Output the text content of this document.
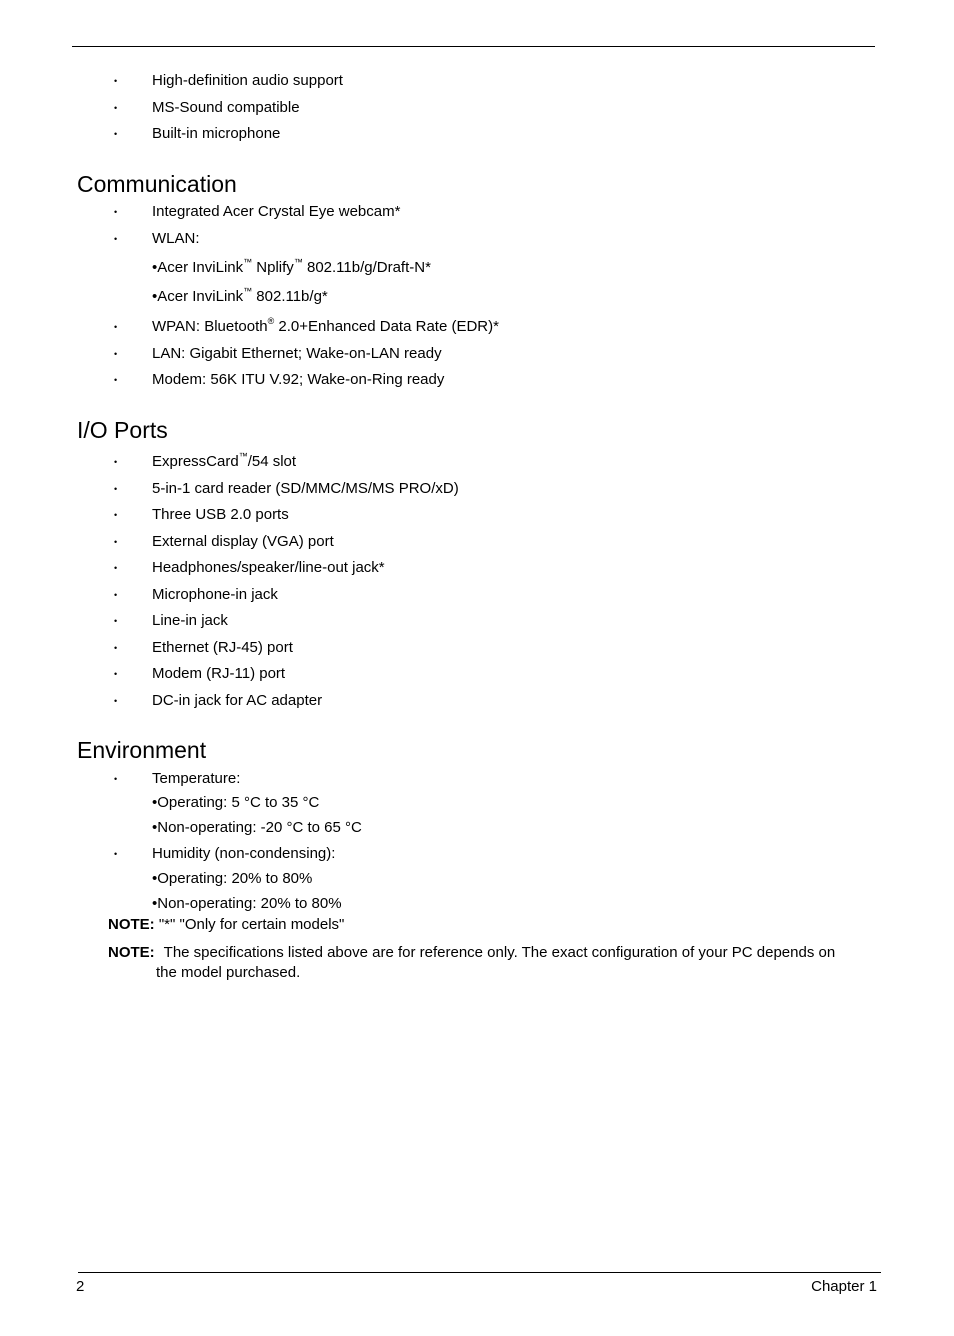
• High-definition audio support
• MS-Sound compatible
• Built-in microphone
Communication
• Integrated Acer Crystal Eye webcam*
• WLAN:
•Acer InviLink™ Nplify™ 802.11b/g/Draft-N*
•Acer InviLink™ 802.11b/g*
• WPAN: Bluetooth® 2.0+Enhanced Data Rate (EDR)*
• LAN: Gigabit Ethernet; Wake-on-LAN ready
• Modem: 56K ITU V.92; Wake-on-Ring ready
I/O Ports
• ExpressCard™/54 slot
• 5-in-1 card reader (SD/MMC/MS/MS PRO/xD)
• Three USB 2.0 ports
• External display (VGA) port
• Headphones/speaker/line-out jack*
• Microphone-in jack
• Line-in jack
• Ethernet (RJ-45) port
• Modem (RJ-11) port
• DC-in jack for AC adapter
Environment
• Temperature:
•Operating: 5 °C to 35 °C
•Non-operating: -20 °C to 65 °C
• Humidity (non-condensing):
•Operating: 20% to 80%
•Non-operating: 20% to 80%
NOTE: "*" "Only for certain models"
NOTE: The specifications listed above are for reference only. The exact configuration of your PC depends on
the model purchased.
2	Chapter 1
